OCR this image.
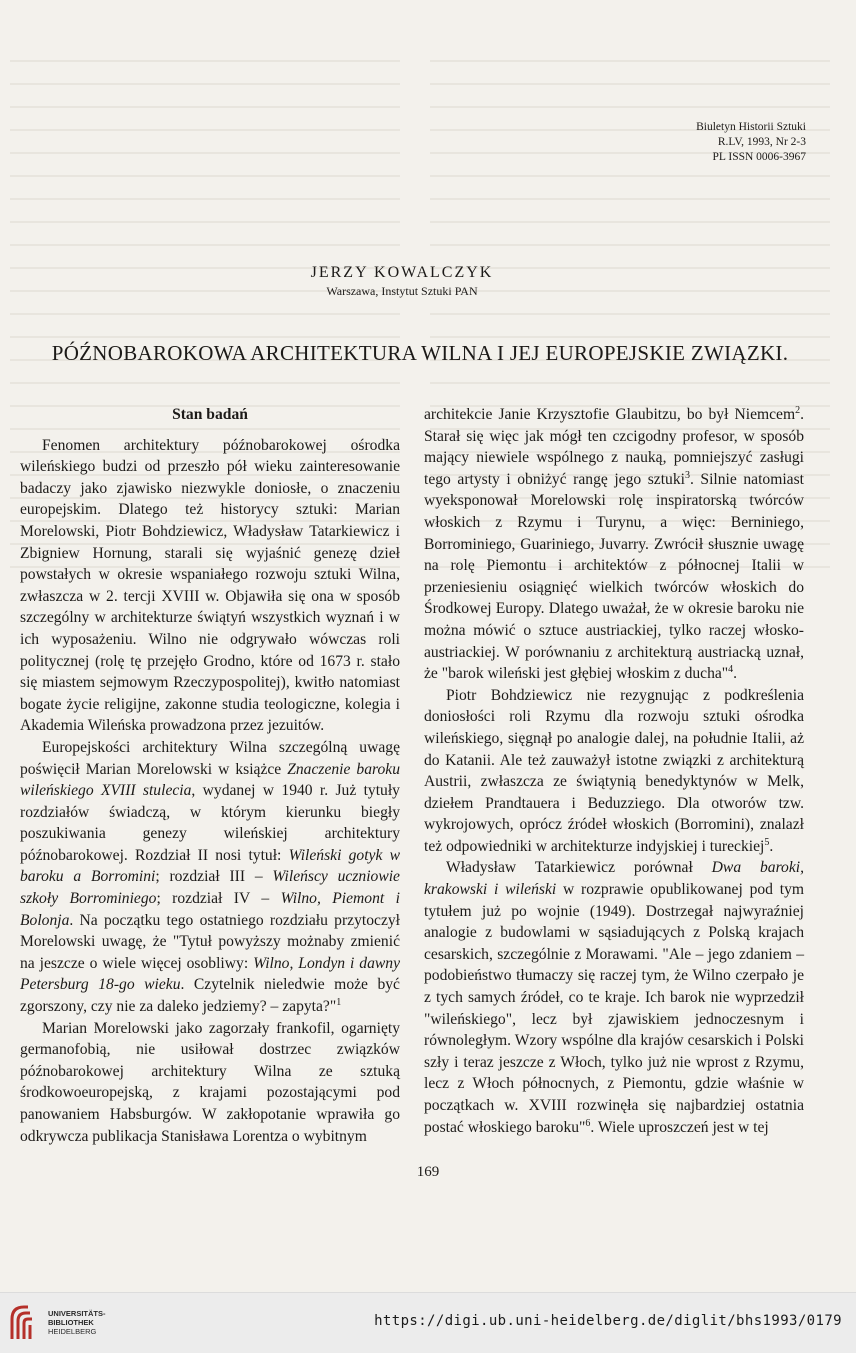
Biuletyn Historii Sztuki
R.LV, 1993, Nr 2-3
PL ISSN 0006-3967
JERZY KOWALCZYK
Warszawa, Instytut Sztuki PAN
PÓŹNOBAROKOWA ARCHITEKTURA WILNA I JEJ EUROPEJSKIE ZWIĄZKI.
Stan badań

Fenomen architektury późnobarokowej ośrodka wileńskiego budzi od przeszło pół wieku zainteresowanie badaczy jako zjawisko niezwykle doniosłe, o znaczeniu europejskim. Dlatego też historycy sztuki: Marian Morelowski, Piotr Bohdziewicz, Władysław Tatarkiewicz i Zbigniew Hornung, starali się wyjaśnić genezę dzieł powstałych w okresie wspaniałego rozwoju sztuki Wilna, zwłaszcza w 2. tercji XVIII w. Objawiła się ona w sposób szczególny w architekturze świątyń wszystkich wyznań i w ich wyposażeniu. Wilno nie odgrywało wówczas roli politycznej (rolę tę przejęło Grodno, które od 1673 r. stało się miastem sejmowym Rzeczypospolitej), kwitło natomiast bogate życie religijne, zakonne studia teologiczne, kolegia i Akademia Wileńska prowadzona przez jezuitów.

Europejskości architektury Wilna szczególną uwagę poświęcił Marian Morelowski w książce Znaczenie baroku wileńskiego XVIII stulecia, wydanej w 1940 r. Już tytuły rozdziałów świadczą, w którym kierunku biegły poszukiwania genezy wileńskiej architektury późnobarokowej. Rozdział II nosi tytuł: Wileński gotyk w baroku a Borromini; rozdział III – Wileńscy uczniowie szkoły Borrominiego; rozdział IV – Wilno, Piemont i Bolonja. Na początku tego ostatniego rozdziału przytoczył Morelowski uwagę, że "Tytuł powyższy możnaby zmienić na jeszcze o wiele więcej osobliwy: Wilno, Londyn i dawny Petersburg 18-go wieku. Czytelnik nieledwie może być zgorszony, czy nie za daleko jedziemy? – zapyta?"$^1$

Marian Morelowski jako zagorzały frankofil, ogarnięty germanofobią, nie usiłował dostrzec związków późnobarokowej architektury Wilna ze sztuką środkowoeuropejską, z krajami pozostającymi pod panowaniem Habsburgów. W zakłopotanie wprawiła go odkrywcza publikacja Stanisława Lorentza o wybitnym

architekcie Janie Krzysztofie Glaubitzu, bo był Niemcem$^2$. Starał się więc jak mógł ten czcigodny profesor, w sposób mający niewiele wspólnego z nauką, pomniejszyć zasługi tego artysty i obniżyć rangę jego sztuki$^3$. Silnie natomiast wyeksponował Morelowski rolę inspiratorską twórców włoskich z Rzymu i Turynu, a więc: Berniniego, Borrominiego, Guariniego, Juvarry. Zwrócił słusznie uwagę na rolę Piemontu i architektów z północnej Italii w przeniesieniu osiągnięć wielkich twórców włoskich do Środkowej Europy. Dlatego uważał, że w okresie baroku nie można mówić o sztuce austriackiej, tylko raczej włosko-austriackiej. W porównaniu z architekturą austriacką uznał, że "barok wileński jest głębiej włoskim z ducha"$^4$.

Piotr Bohdziewicz nie rezygnując z podkreślenia doniosłości roli Rzymu dla rozwoju sztuki ośrodka wileńskiego, sięgnął po analogie dalej, na południe Italii, aż do Katanii. Ale też zauważył istotne związki z architekturą Austrii, zwłaszcza ze świątynią benedyktynów w Melk, dziełem Prandtauera i Beduzziego. Dla otworów tzw. wykrojowych, oprócz źródeł włoskich (Borromini), znalazł też odpowiedniki w architekturze indyjskiej i tureckiej$^5$.

Władysław Tatarkiewicz porównał Dwa baroki, krakowski i wileński w rozprawie opublikowanej pod tym tytułem już po wojnie (1949). Dostrzegał najwyraźniej analogie z budowlami w sąsiadujących z Polską krajach cesarskich, szczególnie z Morawami. "Ale – jego zdaniem – podobieństwo tłumaczy się raczej tym, że Wilno czerpało je z tych samych źródeł, co te kraje. Ich barok nie wyprzedził "wileńskiego", lecz był zjawiskiem jednoczesnym i równoległym. Wzory wspólne dla krajów cesarskich i Polski szły i teraz jeszcze z Włoch, tylko już nie wprost z Rzymu, lecz z Włoch północnych, z Piemontu, gdzie właśnie w początkach w. XVIII rozwinęła się najbardziej ostatnia postać włoskiego baroku"$^6$. Wiele uproszczeń jest w tej

169
UNIVERSITÄTS-
BIBLIOTHEK
HEIDELBERG
https://digi.ub.uni-heidelberg.de/diglit/bhs1993/0179
